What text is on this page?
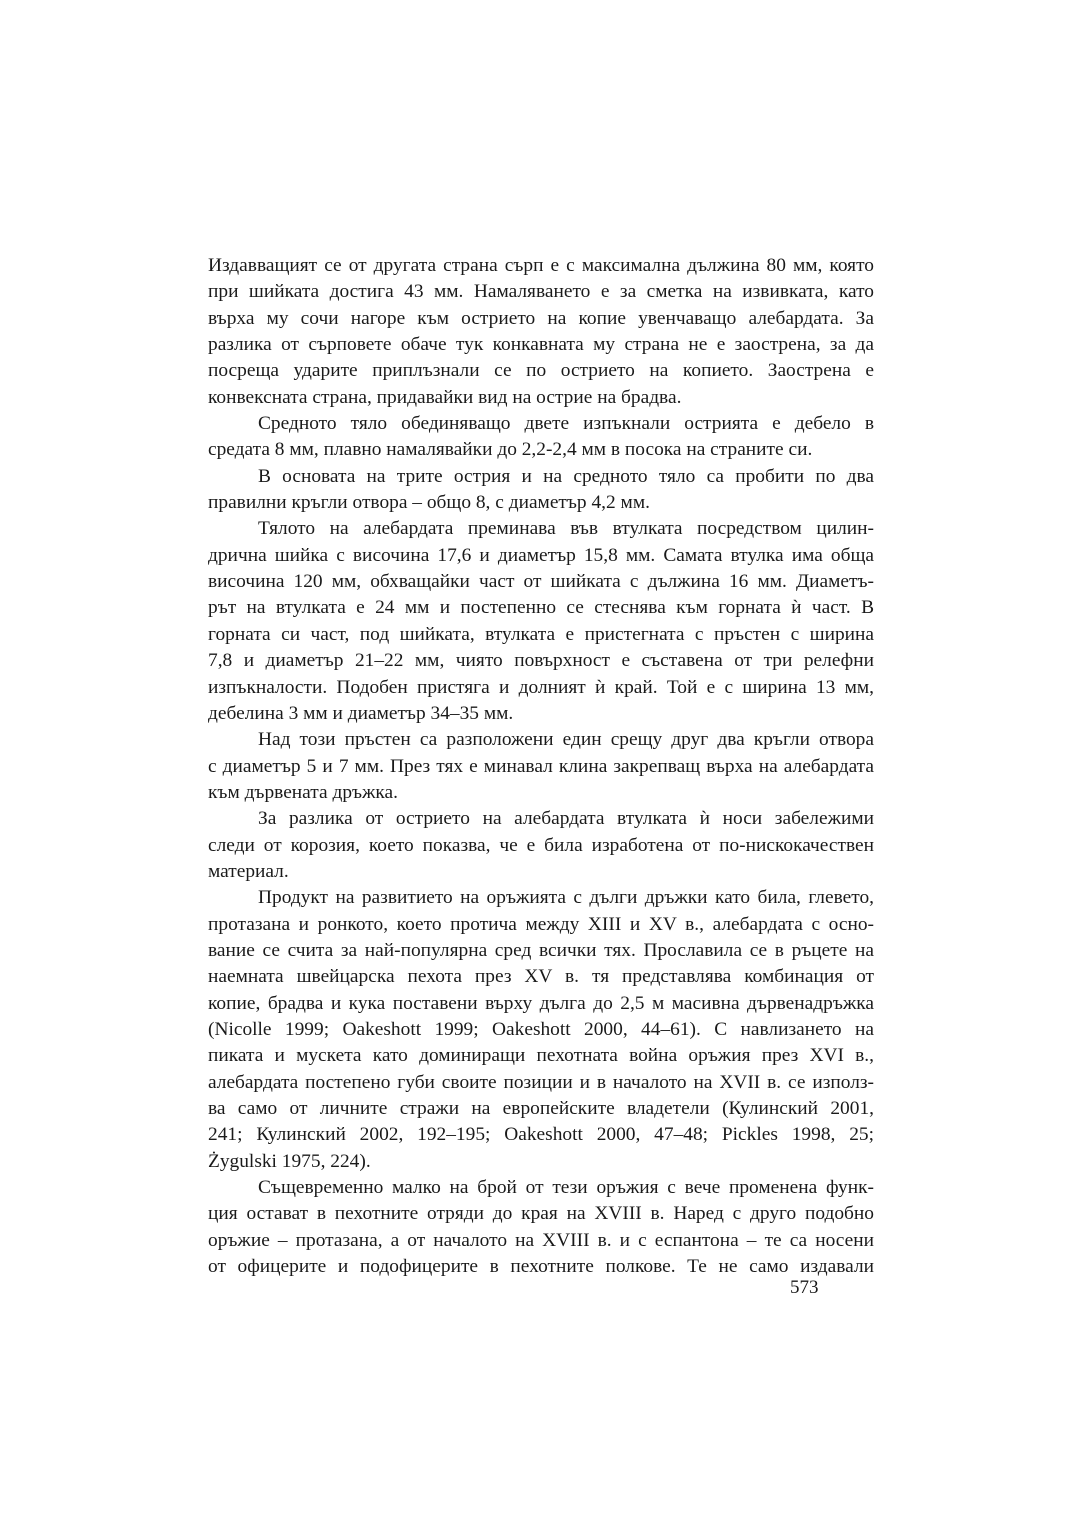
Издавващият се от другата страна сърп е с максимална дължина 80 мм, която
при шийката достига 43 мм. Намаляването е за сметка на извивката, като
върха му сочи нагоре към острието на копие увенчаващо алебардата. За
разлика от сърповете обаче тук конкавната му страна не е заострена, за да
посреща ударите приплъзнали се по острието на копието. Заострена е
конвексната страна, придавайки вид на острие на брадва.
Средното тяло обединяващо двете изпъкнали острията е дебело в
средата 8 мм, плавно намалявайки до 2,2-2,4 мм в посока на страните си.
В основата на трите острия и на средното тяло са пробити по два
правилни кръгли отвора – общо 8, с диаметър 4,2 мм.
Тялото на алебардата преминава във втулката посредством цилин-
дрична шийка с височина 17,6 и диаметър 15,8 мм. Самата втулка има обща
височина 120 мм, обхващайки част от шийката с дължина 16 мм. Диаметъ-
рът на втулката е 24 мм и постепенно се стеснява към горната ѝ част. В
горната си част, под шийката, втулката е пристегната с пръстен с ширина
7,8 и диаметър 21–22 мм, чиято повърхност е съставена от три релефни
изпъкналости. Подобен пристяга и долният ѝ край. Той е с ширина 13 мм,
дебелина 3 мм и диаметър 34–35 мм.
Над този пръстен са разположени един срещу друг два кръгли отвора
с диаметър 5 и 7 мм. През тях е минавал клина закрепващ върха на алебардата
към дървената дръжка.
За разлика от острието на алебардата втулката ѝ носи забележими
следи от корозия, което показва, че е била изработена от по-нискокачествен
материал.
Продукт на развитието на оръжията с дълги дръжки като била, глевето,
протазана и ронкото, което протича между XIII и XV в., алебардата с осно-
вание се счита за най-популярна сред всички тях. Прославила се в ръцете на
наемната швейцарска пехота през XV в. тя представлява комбинация от
копие, брадва и кука поставени върху дълга до 2,5 м масивна дървенадръжка
(Nicolle 1999; Oakeshott 1999; Oakeshott 2000, 44–61). С навлизането на
пиката и мускета като доминиращи пехотната война оръжия през XVI в.,
алебардата постепено губи своите позиции и в началото на XVII в. се използ-
ва само от личните стражи на европейските владетели (Кулинский 2001,
241; Кулинский 2002, 192–195; Oakeshott 2000, 47–48; Pickles 1998, 25;
Żygulski 1975, 224).
Същевременно малко на брой от тези оръжия с вече променена функ-
ция остават в пехотните отряди до края на XVIII в. Наред с друго подобно
оръжие – протазана, а от началото на XVIII в. и с еспантона – те са носени
от офицерите и подофицерите в пехотните полкове. Те не само издавали
573
